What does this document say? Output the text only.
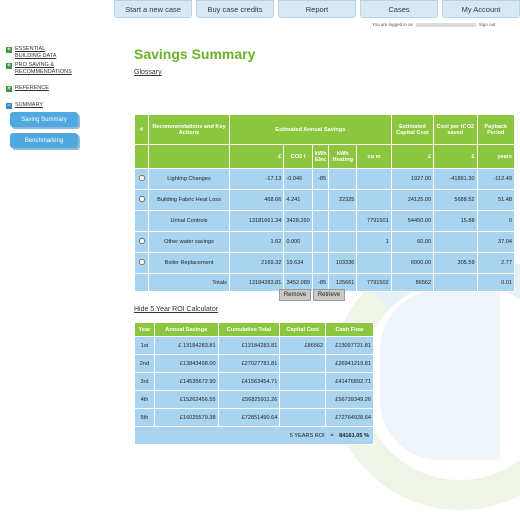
Start a new case	Buy case credits	Report	Cases	My Account
You are logged in as	Sign out
+ ESSENTIAL BUILDING DATA
+ PRO SAVING & RECOMMENDATIONS
+ REFERENCE
− SUMMARY
Saving Summary
Benchmarking
Savings Summary
Glossary
#	Recommendations and Key Actions	Estimated Annual Savings					Estimated Capital Cost	Cost per tCO2 saved	Payback Period
		£	CO2 t	kWh Elec	kWh Heating	cu m	£	£	years
	Lighting Changes	-17.13	-0.046	-85			1927.00	-41891.30	-112.49
	Building Fabric Heat Loss	468.66	4.241		22325		24125.00	5688.52	51.48
	Urinal Controls	13181661.34	3428.260			7791501	54450.00	15.88	0
	Other water savings	1.62	0.000			1	60.00		37.04
	Boiler Replacement	2169.32	19.634		103336		6000.00	305.59	2.77
	Totals	13184283.81	3452.089	-85	125661	7791502	86562		0.01
Remove	Retrieve
Hide 5 Year ROI Calculator
Year	Annual Savings	Cumulative Total	Capital Cost	Cash Flow
1st	£ 13184283.81	£13184283.81	£86562	£13097721.81
2nd	£13843498.00	£27027781.81		£26941219.81
3rd	£14535672.90	£41563454.71		£41476892.71
4th	£15262456.55	£56825911.26		£56739349.26
5th	£16025579.38	£72851490.64		£72764928.64
5 YEARS ROI = 84161.05 %				
